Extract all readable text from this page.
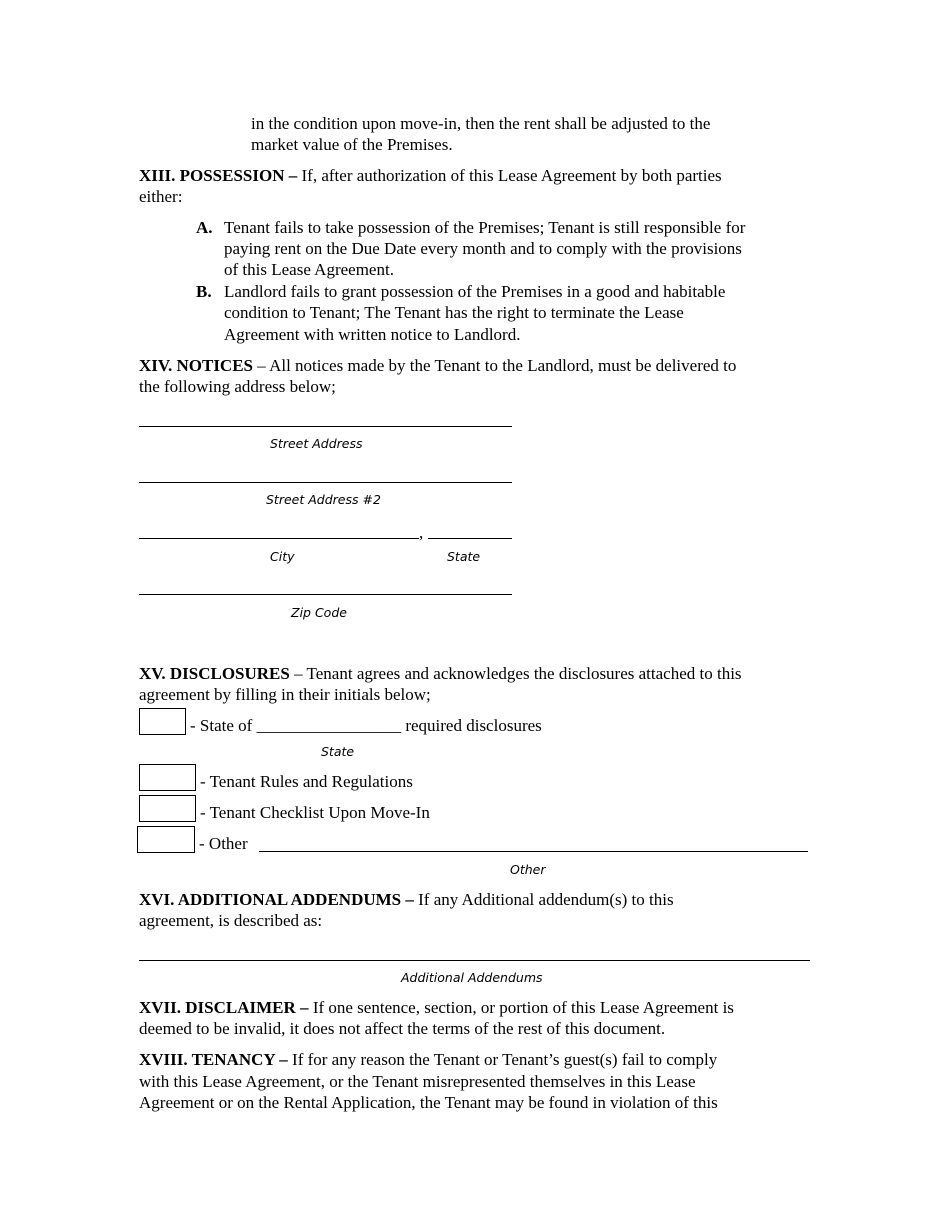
in the condition upon move-in, then the rent shall be adjusted to the
market value of the Premises.
XIII. POSSESSION – If, after authorization of this Lease Agreement by both parties
either:
A. Tenant fails to take possession of the Premises; Tenant is still responsible for
paying rent on the Due Date every month and to comply with the provisions
of this Lease Agreement.
B. Landlord fails to grant possession of the Premises in a good and habitable
condition to Tenant; The Tenant has the right to terminate the Lease
Agreement with written notice to Landlord.
XIV. NOTICES – All notices made by the Tenant to the Landlord, must be delivered to
the following address below;
Street Address
Street Address #2
,
City	State
Zip Code
XV. DISCLOSURES – Tenant agrees and acknowledges the disclosures attached to this
agreement by filling in their initials below;
- State of _________________ required disclosures
State
- Tenant Rules and Regulations
- Tenant Checklist Upon Move-In
- Other
Other
XVI. ADDITIONAL ADDENDUMS – If any Additional addendum(s) to this
agreement, is described as:
Additional Addendums
XVII. DISCLAIMER – If one sentence, section, or portion of this Lease Agreement is
deemed to be invalid, it does not affect the terms of the rest of this document.
XVIII. TENANCY – If for any reason the Tenant or Tenant’s guest(s) fail to comply
with this Lease Agreement, or the Tenant misrepresented themselves in this Lease
Agreement or on the Rental Application, the Tenant may be found in violation of this
